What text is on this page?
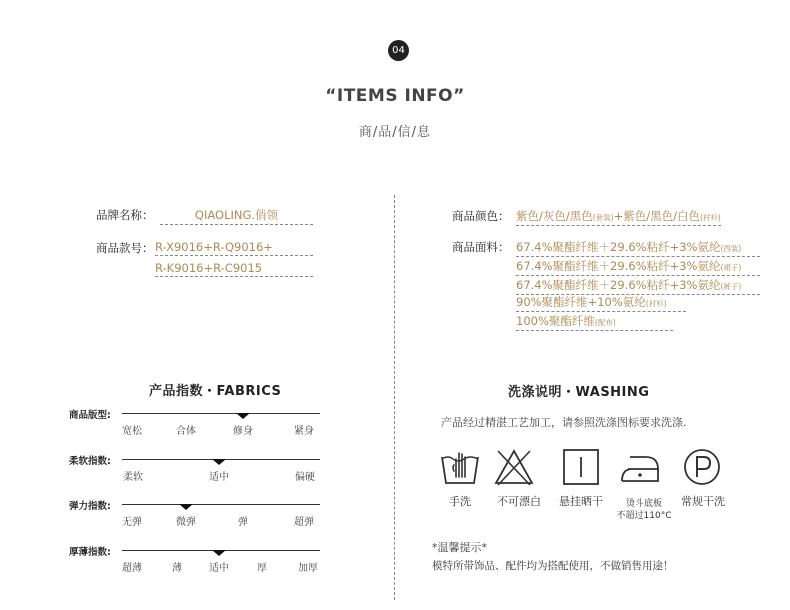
04
“ITEMS INFO”
商/品/信/息
品牌名称：	QIAOLING.俏领
商品款号： R-X9016+R-Q9016+
R-K9016+R-C9015
商品颜色： 紫色/灰色/黑色(套装)+紫色/黑色/白色(衬衫)
商品面料： 67.4%聚酯纤维＋29.6%粘纤+3%氨纶(西装)
67.4%聚酯纤维＋29.6%粘纤+3%氨纶(裙子)
67.4%聚酯纤维＋29.6%粘纤+3%氨纶(裤子)
90%聚酯纤维+10%氨纶(衬衫)
100%聚酯纤维(配布)
产品指数・FABRICS
商品版型:
宽松	合体	修身	紧身
柔软指数:
柔软	适中	偏硬
弹力指数:
无弹	微弹	弹	超弹
厚薄指数:
超薄	薄	适中	厚	加厚
洗涤说明・WASHING
产品经过精湛工艺加工，请参照洗涤图标要求洗涤.
手洗 不可漂白 悬挂晒干	烫斗底板
不超过110°C
常规干洗
*温馨提示*
模特所带饰品、配件均为搭配使用，不做销售用途！
